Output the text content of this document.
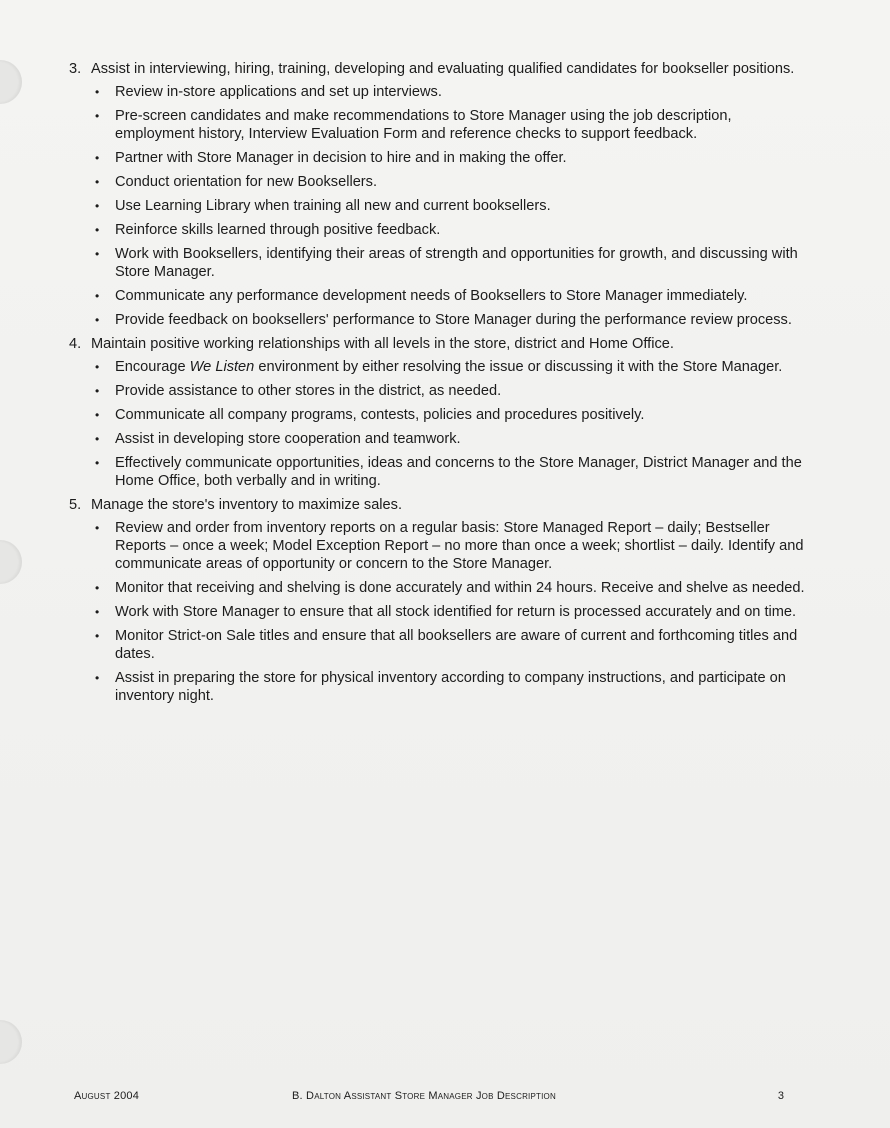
3. Assist in interviewing, hiring, training, developing and evaluating qualified candidates for bookseller positions.
•	Review in-store applications and set up interviews.
•	Pre-screen candidates and make recommendations to Store Manager using the job description, employment history, Interview Evaluation Form and reference checks to support feedback.
•	Partner with Store Manager in decision to hire and in making the offer.
•	Conduct orientation for new Booksellers.
•	Use Learning Library when training all new and current booksellers.
•	Reinforce skills learned through positive feedback.
•	Work with Booksellers, identifying their areas of strength and opportunities for growth, and discussing with Store Manager.
•	Communicate any performance development needs of Booksellers to Store Manager immediately.
•	Provide feedback on booksellers' performance to Store Manager during the performance review process.
4. Maintain positive working relationships with all levels in the store, district and Home Office.
•	Encourage We Listen environment by either resolving the issue or discussing it with the Store Manager.
•	Provide assistance to other stores in the district, as needed.
•	Communicate all company programs, contests, policies and procedures positively.
•	Assist in developing store cooperation and teamwork.
•	Effectively communicate opportunities, ideas and concerns to the Store Manager, District Manager and the Home Office, both verbally and in writing.
5. Manage the store's inventory to maximize sales.
•	Review and order from inventory reports on a regular basis: Store Managed Report – daily; Bestseller Reports – once a week; Model Exception Report – no more than once a week; shortlist – daily. Identify and communicate areas of opportunity or concern to the Store Manager.
•	Monitor that receiving and shelving is done accurately and within 24 hours. Receive and shelve as needed.
•	Work with Store Manager to ensure that all stock identified for return is processed accurately and on time.
•	Monitor Strict-on Sale titles and ensure that all booksellers are aware of current and forthcoming titles and dates.
•	Assist in preparing the store for physical inventory according to company instructions, and participate on inventory night.
August 2004	B. Dalton Assistant Store Manager Job Description	3
